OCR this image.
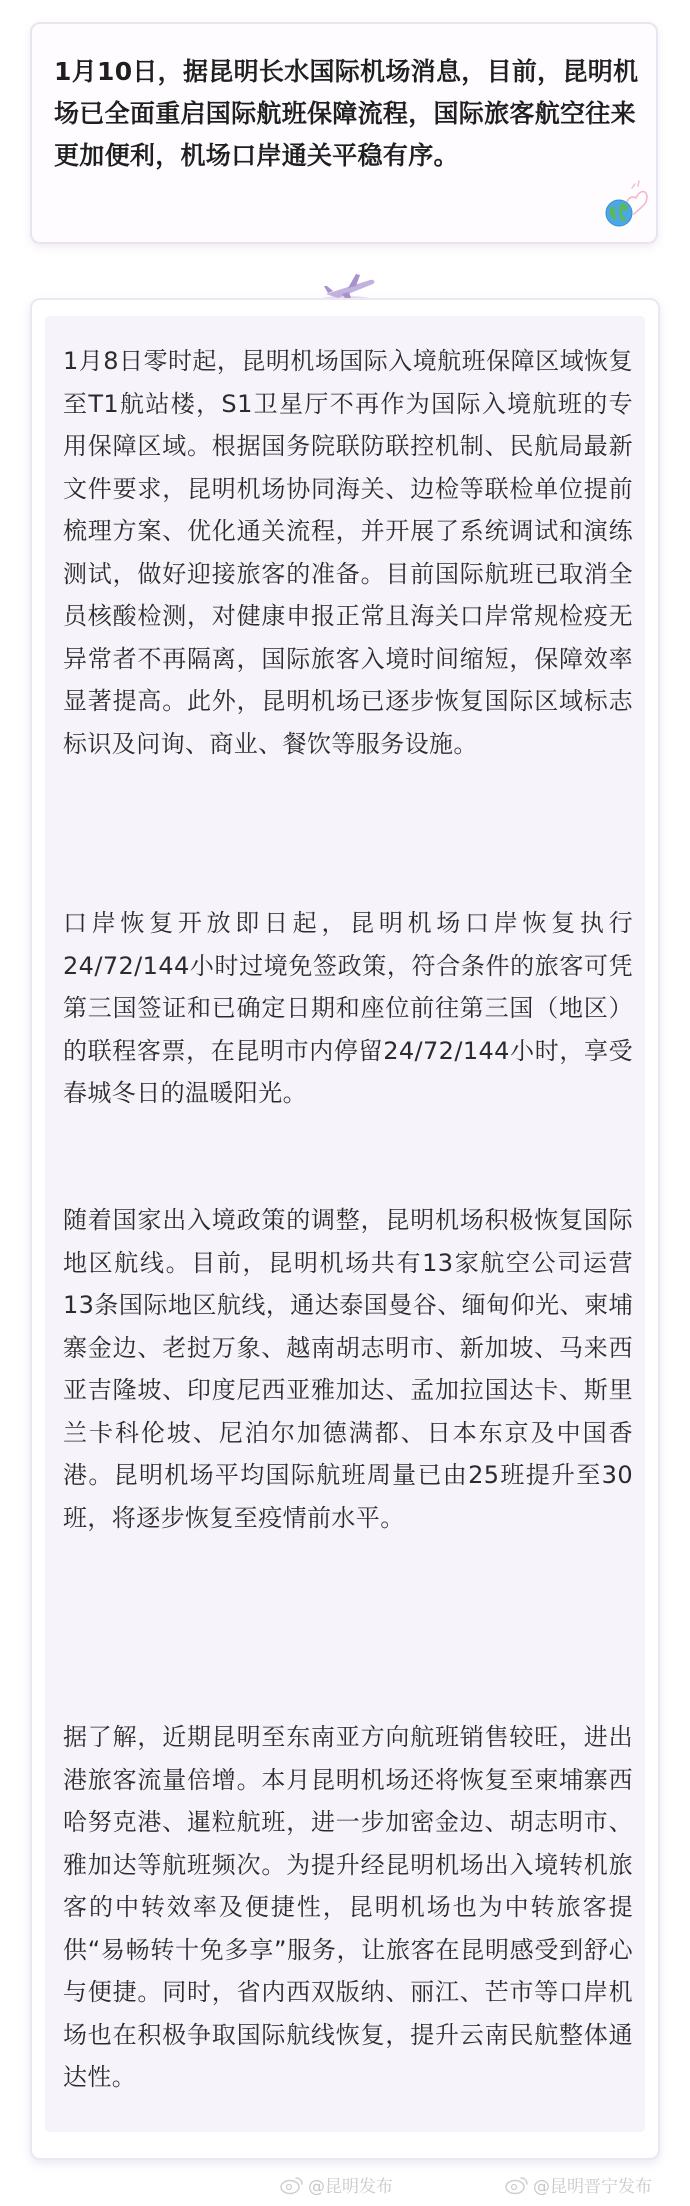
1月10日，据昆明长水国际机场消息，目前，昆明机场已全面重启国际航班保障流程，国际旅客航空往来更加便利，机场口岸通关平稳有序。

1月8日零时起，昆明机场国际入境航班保障区域恢复至T1航站楼，S1卫星厅不再作为国际入境航班的专用保障区域。根据国务院联防联控机制、民航局最新文件要求，昆明机场协同海关、边检等联检单位提前梳理方案、优化通关流程，并开展了系统调试和演练测试，做好迎接旅客的准备。目前国际航班已取消全员核酸检测，对健康申报正常且海关口岸常规检疫无异常者不再隔离，国际旅客入境时间缩短，保障效率显著提高。此外，昆明机场已逐步恢复国际区域标志标识及问询、商业、餐饮等服务设施。

口岸恢复开放即日起，昆明机场口岸恢复执行24/72/144小时过境免签政策，符合条件的旅客可凭第三国签证和已确定日期和座位前往第三国（地区）的联程客票，在昆明市内停留24/72/144小时，享受春城冬日的温暖阳光。

随着国家出入境政策的调整，昆明机场积极恢复国际地区航线。目前，昆明机场共有13家航空公司运营13条国际地区航线，通达泰国曼谷、缅甸仰光、柬埔寨金边、老挝万象、越南胡志明市、新加坡、马来西亚吉隆坡、印度尼西亚雅加达、孟加拉国达卡、斯里兰卡科伦坡、尼泊尔加德满都、日本东京及中国香港。昆明机场平均国际航班周量已由25班提升至30班，将逐步恢复至疫情前水平。

据了解，近期昆明至东南亚方向航班销售较旺，进出港旅客流量倍增。本月昆明机场还将恢复至柬埔寨西哈努克港、暹粒航班，进一步加密金边、胡志明市、雅加达等航班频次。为提升经昆明机场出入境转机旅客的中转效率及便捷性，昆明机场也为中转旅客提供“易畅转十免多享”服务，让旅客在昆明感受到舒心与便捷。同时，省内西双版纳、丽江、芒市等口岸机场也在积极争取国际航线恢复，提升云南民航整体通达性。

@昆明发布	@昆明晋宁发布
